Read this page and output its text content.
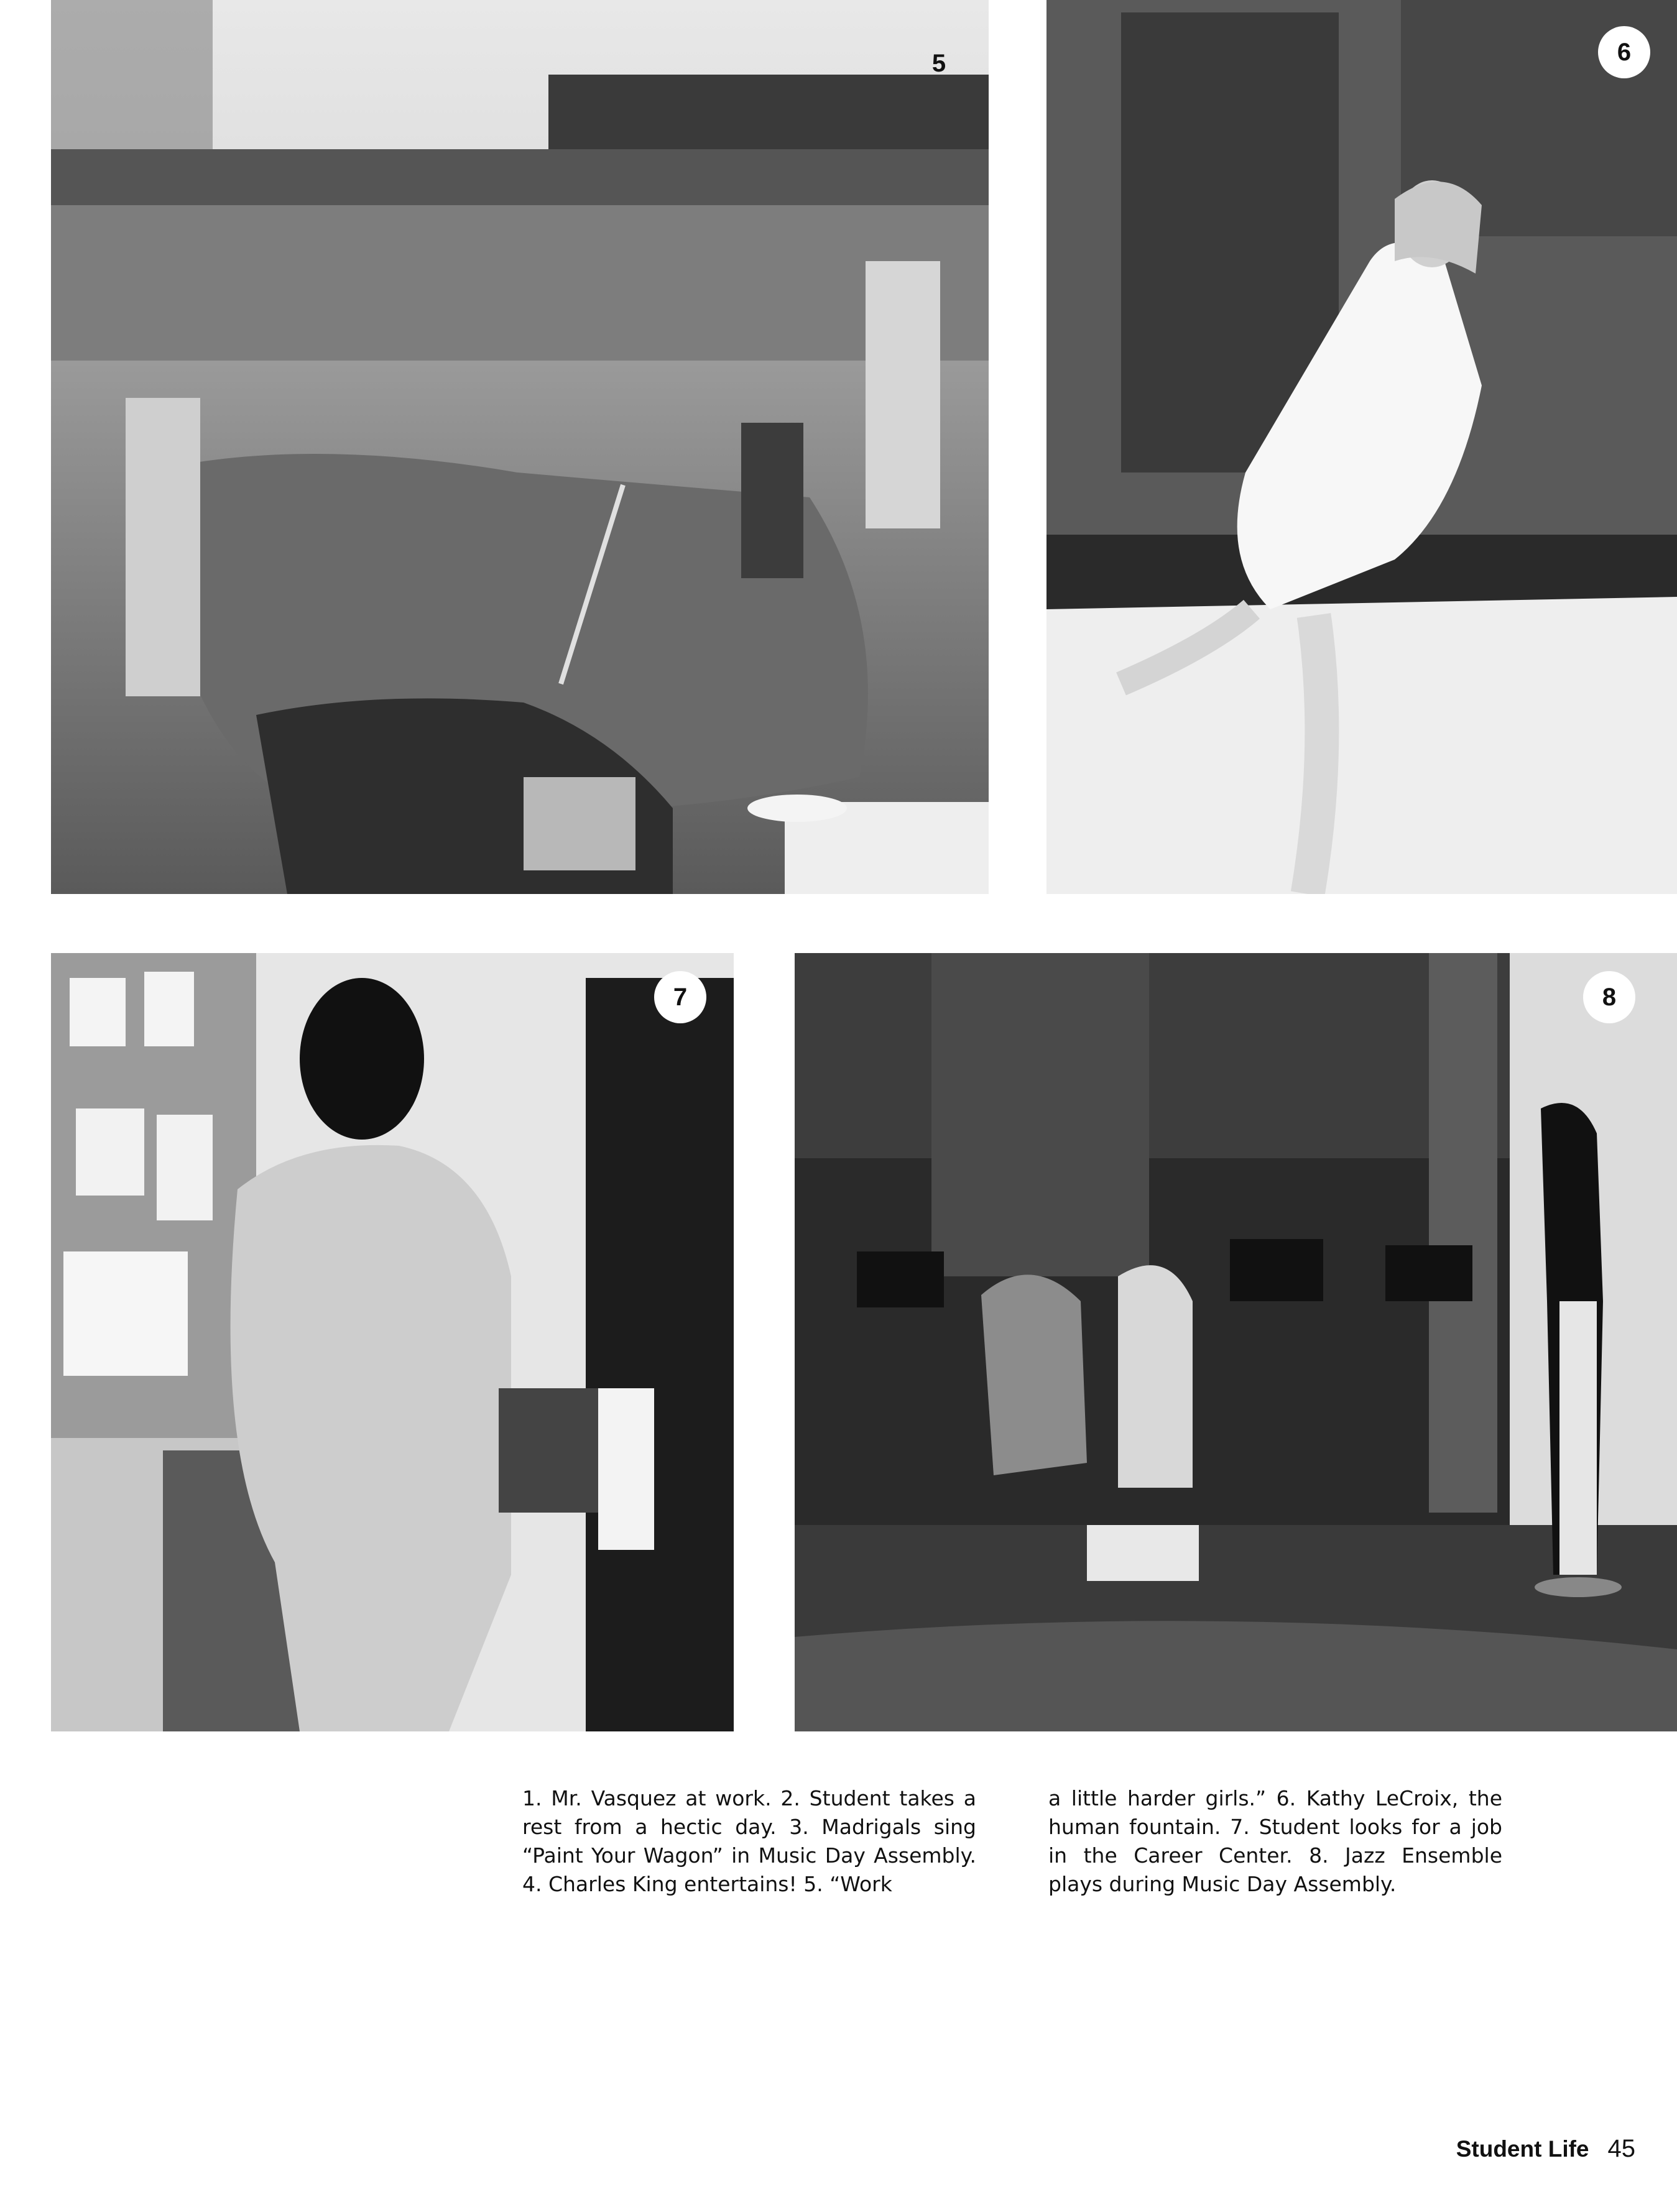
5	6
7	8

1. Mr. Vasquez at work. 2. Student takes a rest from a hectic day. 3. Madrigals sing “Paint Your Wagon” in Music Day Assembly. 4. Charles King entertains! 5. “Work

a little harder girls.” 6. Kathy LeCroix, the human fountain. 7. Student looks for a job in the Career Center. 8. Jazz Ensemble plays during Music Day Assembly.

Student Life 45
